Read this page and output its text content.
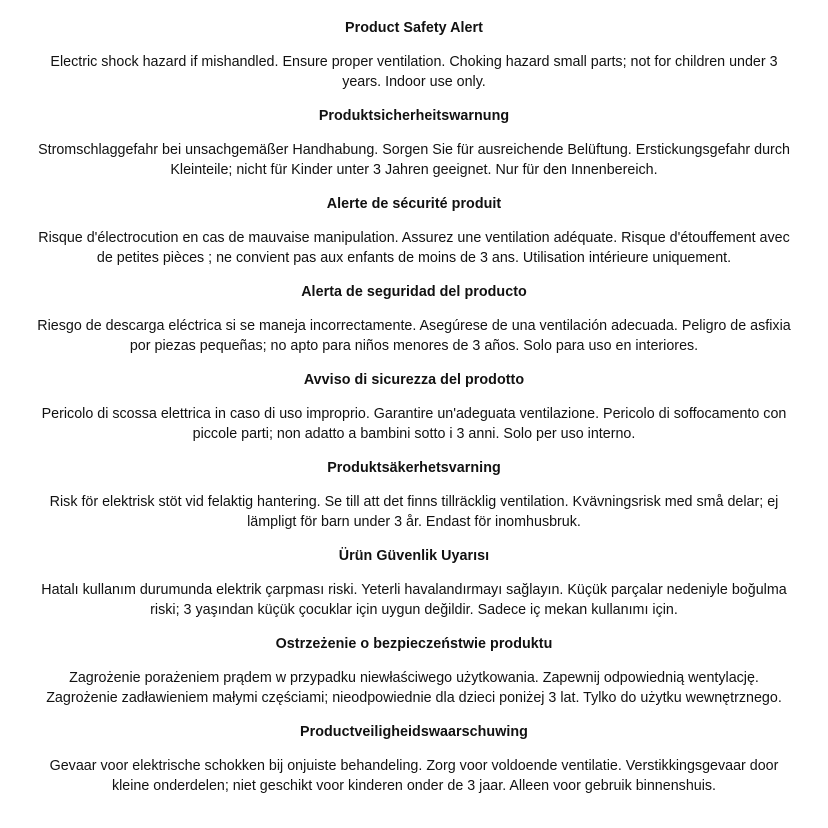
Product Safety Alert
Electric shock hazard if mishandled. Ensure proper ventilation. Choking hazard small parts; not for children under 3
years. Indoor use only.
Produktsicherheitswarnung
Stromschlaggefahr bei unsachgemäßer Handhabung. Sorgen Sie für ausreichende Belüftung. Erstickungsgefahr durch
Kleinteile; nicht für Kinder unter 3 Jahren geeignet. Nur für den Innenbereich.
Alerte de sécurité produit
Risque d'électrocution en cas de mauvaise manipulation. Assurez une ventilation adéquate. Risque d'étouffement avec
de petites pièces ; ne convient pas aux enfants de moins de 3 ans. Utilisation intérieure uniquement.
Alerta de seguridad del producto
Riesgo de descarga eléctrica si se maneja incorrectamente. Asegúrese de una ventilación adecuada. Peligro de asfixia
por piezas pequeñas; no apto para niños menores de 3 años. Solo para uso en interiores.
Avviso di sicurezza del prodotto
Pericolo di scossa elettrica in caso di uso improprio. Garantire un'adeguata ventilazione. Pericolo di soffocamento con
piccole parti; non adatto a bambini sotto i 3 anni. Solo per uso interno.
Produktsäkerhetsvarning
Risk för elektrisk stöt vid felaktig hantering. Se till att det finns tillräcklig ventilation. Kvävningsrisk med små delar; ej
lämpligt för barn under 3 år. Endast för inomhusbruk.
Ürün Güvenlik Uyarısı
Hatalı kullanım durumunda elektrik çarpması riski. Yeterli havalandırmayı sağlayın. Küçük parçalar nedeniyle boğulma
riski; 3 yaşından küçük çocuklar için uygun değildir. Sadece iç mekan kullanımı için.
Ostrzeżenie o bezpieczeństwie produktu
Zagrożenie porażeniem prądem w przypadku niewłaściwego użytkowania. Zapewnij odpowiednią wentylację.
Zagrożenie zadławieniem małymi częściami; nieodpowiednie dla dzieci poniżej 3 lat. Tylko do użytku wewnętrznego.
Productveiligheidswaarschuwing
Gevaar voor elektrische schokken bij onjuiste behandeling. Zorg voor voldoende ventilatie. Verstikkingsgevaar door
kleine onderdelen; niet geschikt voor kinderen onder de 3 jaar. Alleen voor gebruik binnenshuis.
